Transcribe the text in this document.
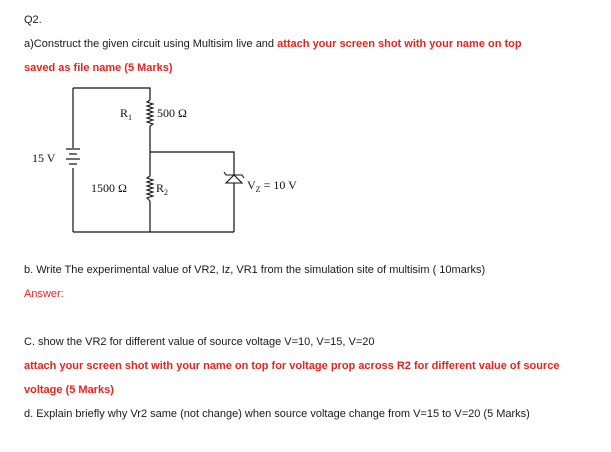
Q2.
a)Construct the given circuit using Multisim live and attach your screen shot with your name on top
saved as file name (5 Marks)
15 V
$R_1$ 500 Ω
1500 Ω $R_2$
$V_Z = 10$ V
b. Write The experimental value of VR2, Iz, VR1 from the simulation site of multisim ( 10marks)
Answer:
C. show the VR2 for different value of source voltage V=10, V=15, V=20
attach your screen shot with your name on top for voltage prop across R2 for different value of source
voltage (5 Marks)
d. Explain briefly why Vr2 same (not change) when source voltage change from V=15 to V=20 (5 Marks)
